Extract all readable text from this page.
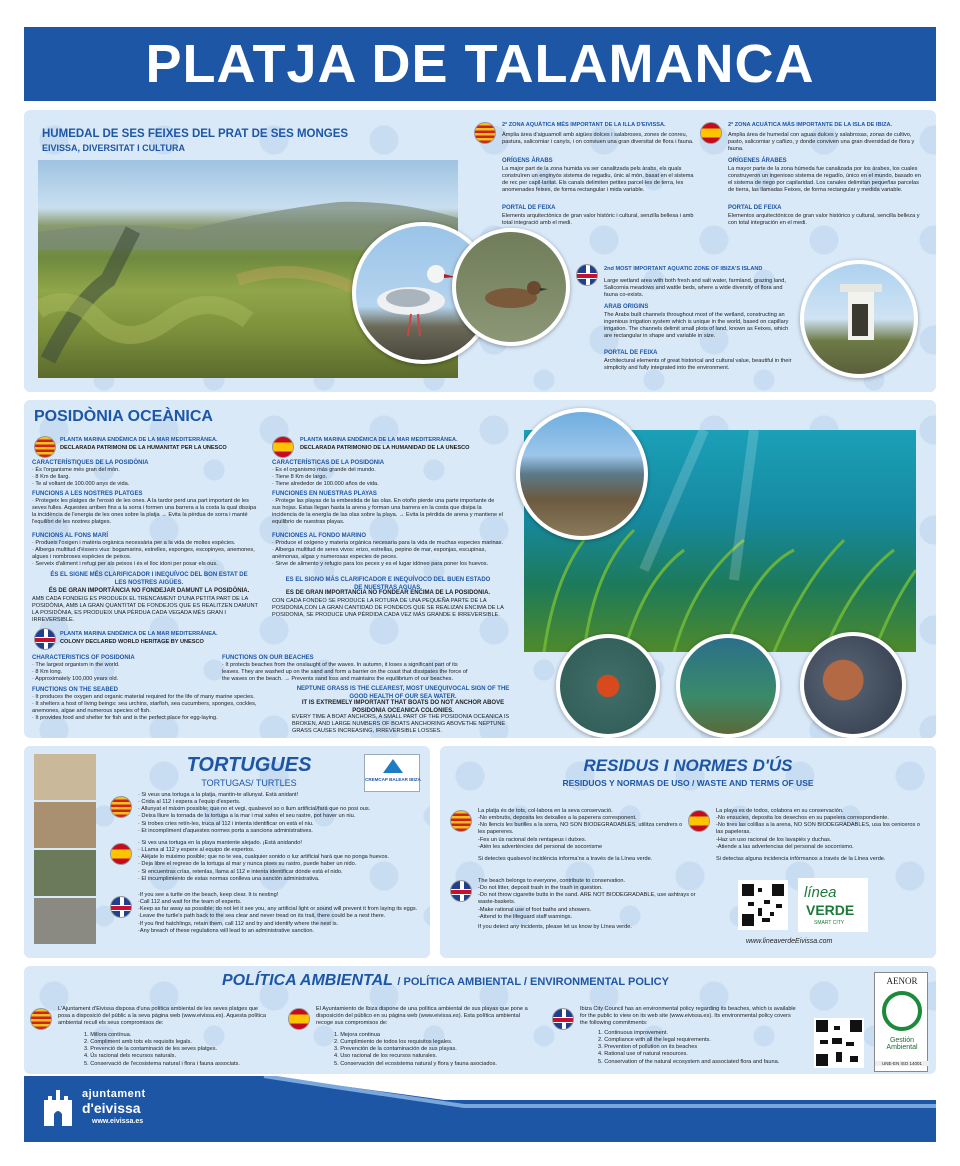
PLATJA DE TALAMANCA
HUMEDAL DE SES FEIXES DEL PRAT DE SES MONGES
EIVISSA, DIVERSITAT I CULTURA
2ª ZONA AQUÀTICA MÉS IMPORTANT DE LA ILLA D'EIVISSA.
Àmplia àrea d'aiguamoll amb aigües dolces i salabroses, zones de conreu, pastura, salicorniar i canyís, i on conviuen una gran diversitat de flora i fauna.
ORÍGENS ÀRABS
La major part de la zona humida va ser canalitzada pels àrabs, els quals construïren un enginyós sistema de regadiu, únic al món, basat en el sistema de rec per capil·laritat. Els canals delimiten petites parcel·les de terra, les anomenades feixes, de forma rectangular i mida variable.
PORTAL DE FEIXA
Elements arquitectònics de gran valor històric i cultural, senzilla bellesa i amb total integració amb el medi.
2ª ZONA ACUÁTICA MÁS IMPORTANTE DE LA ISLA DE IBIZA.
Amplia área de humedal con aguas dulces y salabrosas, zonas de cultivo, pasto, salicorniar y cañizo, y donde conviven una gran diversidad de flora y fauna.
ORÍGENES ÁRABES
La mayor parte de la zona húmeda fue canalizada por los árabes, los cuales construyeron un ingenioso sistema de regadío, único en el mundo, basado en el sistema de riego por capilaridad. Los canales delimitan pequeñas parcelas de tierra, las llamadas Feixes, de forma rectangular y medida variable.
PORTAL DE FEIXA
Elementos arquitectónicos de gran valor histórico y cultural, sencilla belleza y con total integración en el medi.
2nd MOST IMPORTANT AQUATIC ZONE OF IBIZA'S ISLAND
Large wetland area with both fresh and salt water, farmland, grazing land, Salicornia meadows and wattle beds, where a wide diversity of flora and fauna co-exists.
ARAB ORIGINS
The Arabs built channels throughout most of the wetland, constructing an ingenious irrigation system which is unique in the world, based on capillary irrigation. The channels delimit small plots of land, known as Feixes, which are rectangular in shape and variable in size.
PORTAL DE FEIXA
Architectural elements of great historical and cultural value, beautiful in their simplicity and fully integrated into the environment.
POSIDÒNIA OCEÀNICA
PLANTA MARINA ENDÈMICA DE LA MAR MEDITERRÀNEA.
DECLARADA PATRIMONI DE LA HUMANITAT PER LA UNESCO
CARACTERÍSTIQUES DE LA POSIDÒNIA
· És l'organisme més gran del món.
· 8 Km de llarg.
· Te al voltant de 100.000 anys de vida.
FUNCIONS A LES NOSTRES PLATGES
· Protegeix les platges de l'erosió de les ones. A la tardor perd una part important de les seves fulles. Aquestes arriben fins a la sorra i formen una barrera a la costa la qual dissipa la incidència de l'energia de les ones sobre la platja → Evita la pèrdua de sorra i manté l'equilibri de les nostres platges.
FUNCIONS AL FONS MARÍ
· Produeix l'oxigen i matèria orgànica necessària per a la vida de moltes espècies.
· Alberga multitud d'éssers vius: bogamarins, estrelles, esponges, escopinyes, anemones, algues i nombroses espècies de peixos.
· Serveix d'aliment i refugi per als peixos i és el lloc idoni per posar els ous.
ÉS EL SIGNE MÉS CLARIFICADOR I INEQUÍVOC DEL BON ESTAT DE LES NOSTRES AIGÜES.
ÉS DE GRAN IMPORTÀNCIA NO FONDEJAR DAMUNT LA POSIDÒNIA.
AMB CADA FONDEIG ES PRODUEIX EL TRENCAMENT D'UNA PETITA PART DE LA POSIDÒNIA, AMB LA GRAN QUANTITAT DE FONDEJOS QUE ES REALITZEN DAMUNT LA POSIDÒNIA, ES PRODUEIX UNA PÈRDUA CADA VEGADA MÉS GRAN I IRREVERSIBLE.
PLANTA MARINA ENDÉMICA DE LA MAR MEDITERRÁNEA.
DECLARADA PATRIMONIO DE LA HUMANIDAD DE LA UNESCO
CARACTERÍSTICAS DE LA POSIDONIA
· Es el organismo más grande del mundo.
· Tiene 8 Km de largo.
· Tiene alrededor de 100.000 años de vida.
FUNCIONES EN NUESTRAS PLAYAS
· Protege las playas de la embestida de las olas. En otoño pierde una parte importante de sus hojas. Estas llegan hasta la arena y forman una barrera en la costa que disipa la incidencia de la energía de las olas sobre la playa. → Evita la pérdida de arena y mantiene el equilibrio de nuestras playas.
FUNCIONES AL FONDO MARINO
· Produce el oxígeno y materia orgánica necesaria para la vida de muchas especies marinas.
· Alberga multitud de seres vivos: erizo, estrellas, pepino de mar, esponjas, escupinas, anémonas, algas y numerosas especies de peces.
· Sirve de alimento y refugio para los peces y es el lugar idóneo para poner los huevos.
ES EL SIGNO MÁS CLARIFICADOR E INEQUÍVOCO DEL BUEN ESTADO DE NUESTRAS AGUAS.
ES DE GRAN IMPORTANCIA NO FONDEAR ENCIMA DE LA POSIDONIA.
CON CADA FONDEO SE PRODUCE LA ROTURA DE UNA PEQUEÑA PARTE DE LA POSIDONIA,CON LA GRAN CANTIDAD DE FONDEOS QUE SE REALIZAN ENCIMA DE LA POSIDONIA, SE PRODUCE UNA PÉRDIDA CADA VEZ MÁS GRANDE E IRREVERSIBLE.
PLANTA MARINA ENDÉMICA DE LA MAR MEDITERRÁNEA.
COLONY DECLARED WORLD HERITAGE BY UNESCO
CHARACTERISTICS OF POSIDONIA
· The largest organism in the world.
· 8 Km long.
· Approximately 100,000 years old.
FUNCTIONS ON THE SEABED
· It produces the oxygen and organic material required for the life of many marine species.
· It shelters a host of living beings: sea urchins, starfish, sea cucumbers, sponges, cockles, anemones, algae and numerous species of fish.
· It provides food and shelter for fish and is the perfect place for egg-laying.
FUNCTIONS ON OUR BEACHES
· It protects beaches from the onslaught of the waves. In autumn, it loses a significant part of its leaves. They are washed up on the sand and form a barrier on the coast that dissipates the force of the waves on the beach. → Prevents sand loss and maintains the equilibrium of our beaches.
NEPTUNE GRASS IS THE CLEAREST, MOST UNEQUIVOCAL SIGN OF THE GOOD HEALTH OF OUR SEA WATER.
IT IS EXTREMELY IMPORTANT THAT BOATS DO NOT ANCHOR ABOVE POSIDONIA OCEANICA COLONIES.
EVERY TIME A BOAT ANCHORS, A SMALL PART OF THE POSIDONIA OCEANICA IS BROKEN, AND LARGE NUMBERS OF BOATS ANCHORING ABOVETHE NEPTUNE GRASS CAUSES INCREASING, IRREVERSIBLE LOSSES.
TORTUGUES
TORTUGAS/ TURTLES	CREMCAP BALEAR IBIZA
· Si veus una tortuga a la platja, mantin-te allunyat. Està anidant!
· Crida al 112 i espera a l'equip d'experts.
· Allunyat el màxim possible; que no et vegi, qualsevol so o llum artificial/fará que no posi ous.
· Deixa lliure la tornada de la tortuga a la mar i mai xafes el seu rastre, pot haver un niu.
· Si trobes cries retín-les, truca al 112 i intenta identificar on està el niu.
· Et incompliment d'aquestes normes porta a sancions administratives.
· Si ves una tortuga en la playa mantente alejado. ¡Está anidando!
· LLama al 112 y espere al equipo de expertos.
· Aléjate lo máximo posible; que no te vea, cualquier sonido o luz artificial hará que no ponga huevos.
· Deja libre el regreso de la tortuga al mar y nunca pises su rastro, puede haber un nido.
· Si encuentras crías, retenlas, llama al 112 e intenta identificar dónde está el nido.
· El incumplimiento de estas normas conlleva una sanción administrativa.
·If you see a turtle on the beach, keep clear. It is nesting!
·Call 112 and wait for the team of experts.
·Keep as far away as possible; do not let it see you, any artificial light or sound will prevent it from laying its eggs.
·Leave the turtle's path back to the sea clear and never tread on its trail, there could be a nest there.
·If you find hatchlings, retain them, call 112 and try and identify where the nest is.
·Any breach of these regulations will lead to an administrative sanction.
RESIDUS I NORMES D'ÚS
RESIDUOS Y NORMAS DE USO / WASTE AND TERMS OF USE
La platja és de tots, col·labora en la seva conservació.
-No embrutis, deposita les deixalles a la paperera corresponent.
-No llencis les burilles a la sorra, NO SON BIODEGRADABLES, utilitza cendrers o les papereres.
-Fes un ús racional dels rentapeus i dutxes.
-Atén les advertències del personal de socorrisme
Si detectes qualsevol incidència informa'ns a través de la Línea verde.
La playa es de todos, colabora en su conservación.
-No ensucies, deposita los desechos en su papelera correspondiente.
-No tires las colillas a la arena, NO SON BIODEGRADABLES, usa los ceniceros o las papeleras.
-Haz un uso racional de los lavapiés y duchas.
-Atiende a las advertencias del personal de socorrismo.
Si detectas alguna incidencia infórmanos a través de la Línea verde.
The beach belongs to everyone, contribute to conservation.
-Do not litter, deposit trash in the trash in question.
-Do not throw cigarette butts in the sand. ARE NOT BIODEGRADABLE, use ashtrays or waste-baskets.
-Make rational use of foot baths and showers.
-Attend to the lifeguard staff warnings.
If you detect any incidents, please let us know by Línea verde.
línea
VERDE
SMART CITY
www.lineaverdeEivissa.com
POLÍTICA AMBIENTAL / POLÍTICA AMBIENTAL / ENVIRONMENTAL POLICY
L'Ajuntament d'Eivissa disposa d'una política ambiental de les seves platges que posa a disposició del públic a la seva pàgina web (www.eivissa.es). Aquesta política ambiental recull els seus compromisos de:
1. Millora contínua.
2. Compliment amb tots els requisits legals.
3. Prevenció de la contaminació de les seves platges.
4. Ús racional dels recursos naturals.
5. Conservació de l'ecosistema natural i flora i fauna associats.
El Ayuntamiento de Ibiza dispone de una política ambiental de sus playas que pone a disposición del público en su página web (www.eivissa.es). Esta política ambiental recoge sus compromisos de:
1. Mejora continua
2. Cumplimiento de todos los requisitos legales.
3. Prevención de la contaminación de sus playas.
4. Uso racional de los recursos naturales.
5. Conservación del ecosistema natural y flora y fauna asociados.
Ibiza City Council has an environmental policy regarding its beaches, which is available for the public to view on its web site (www.eivissa.es). Its environmental policy covers the following commitments:
1. Continuous improvement.
2. Compliance with all the legal requirements.
3. Prevention of pollution on its beaches
4. Rational use of natural resources.
5. Conservation of the natural ecosystem and associated flora and fauna.
AENOR
Gestión Ambiental
UNE-EN ISO 14001
ajuntament
d'eivissa
www.eivissa.es
